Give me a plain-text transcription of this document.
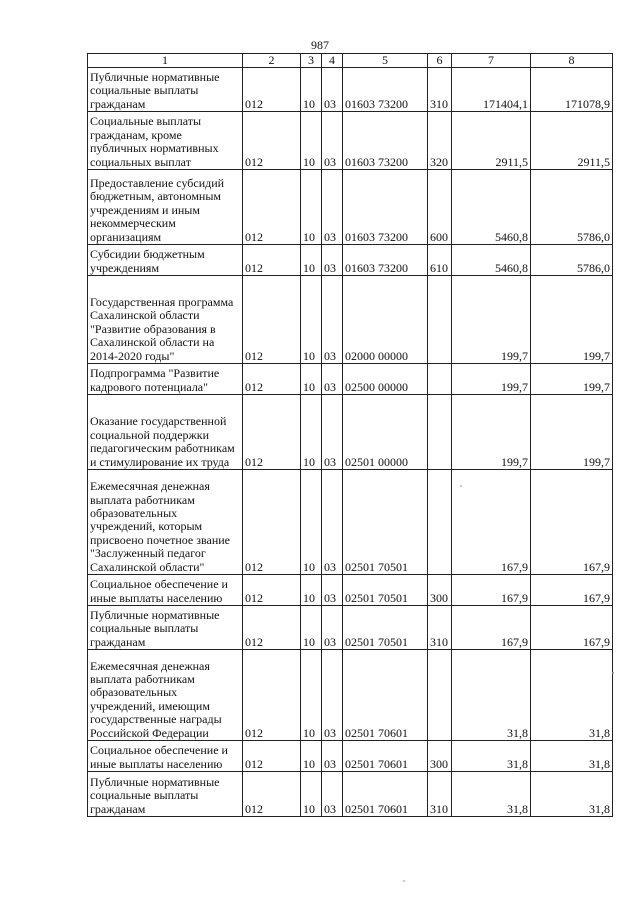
987
1	2	3	4	5	6	7	8
Публичные нормативные социальные выплаты гражданам	012	10	03	01603 73200	310	171404,1	171078,9
Социальные выплаты гражданам, кроме публичных нормативных социальных выплат	012	10	03	01603 73200	320	2911,5	2911,5
Предоставление субсидий бюджетным, автономным учреждениям и иным некоммерческим организациям	012	10	03	01603 73200	600	5460,8	5786,0
Субсидии бюджетным учреждениям	012	10	03	01603 73200	610	5460,8	5786,0
Государственная программа Сахалинской области "Развитие образования в Сахалинской области на 2014-2020 годы"	012	10	03	02000 00000		199,7	199,7
Подпрограмма "Развитие кадрового потенциала"	012	10	03	02500 00000		199,7	199,7
Оказание государственной социальной поддержки педагогическим работникам и стимулирование их труда	012	10	03	02501 00000		199,7	199,7
Ежемесячная денежная выплата работникам образовательных учреждений, которым присвоено почетное звание "Заслуженный педагог Сахалинской области"	012	10	03	02501 70501		167,9	167,9
Социальное обеспечение и иные выплаты населению	012	10	03	02501 70501	300	167,9	167,9
Публичные нормативные социальные выплаты гражданам	012	10	03	02501 70501	310	167,9	167,9
Ежемесячная денежная выплата работникам образовательных учреждений, имеющим государственные награды Российской Федерации	012	10	03	02501 70601		31,8	31,8
Социальное обеспечение и иные выплаты населению	012	10	03	02501 70601	300	31,8	31,8
Публичные нормативные социальные выплаты гражданам	012	10	03	02501 70601	310	31,8	31,8
